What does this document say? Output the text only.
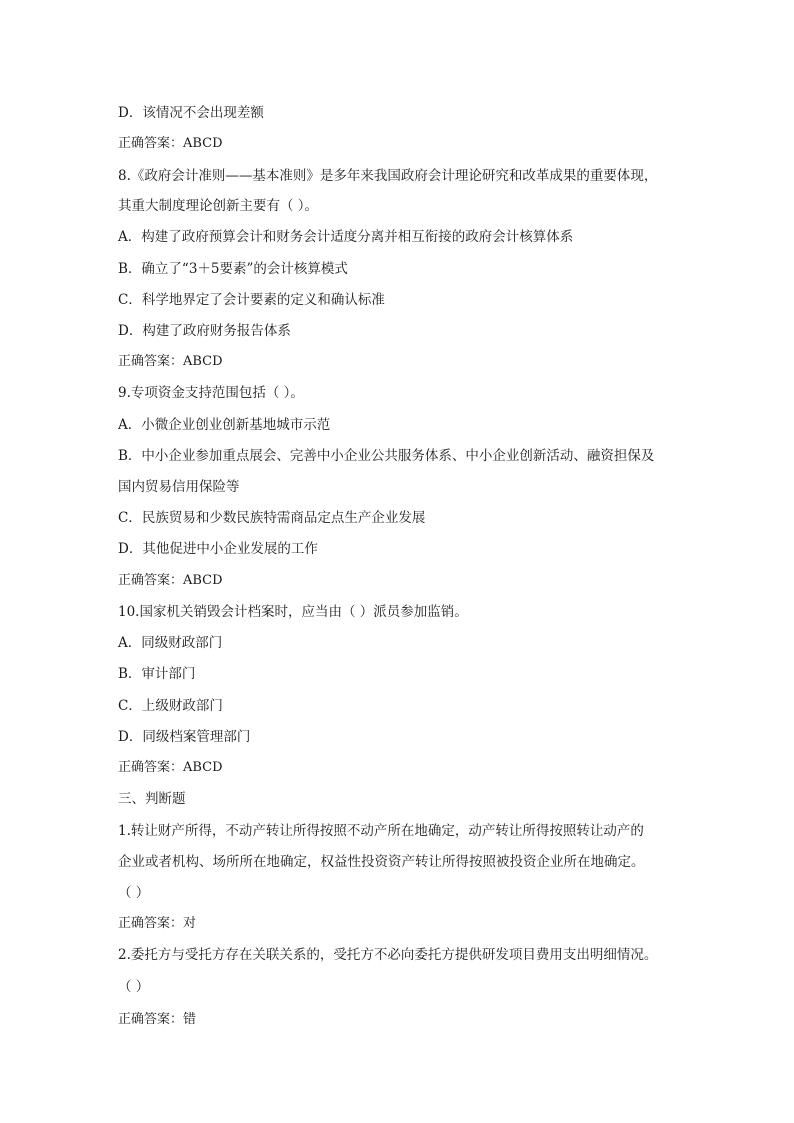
D．该情况不会出现差额
正确答案：ABCD
8.《政府会计准则——基本准则》是多年来我国政府会计理论研究和改革成果的重要体现，
其重大制度理论创新主要有（ ）。
A．构建了政府预算会计和财务会计适度分离并相互衔接的政府会计核算体系
B．确立了“3＋5要素”的会计核算模式
C．科学地界定了会计要素的定义和确认标准
D．构建了政府财务报告体系
正确答案：ABCD
9.专项资金支持范围包括（ ）。
A．小微企业创业创新基地城市示范
B．中小企业参加重点展会、完善中小企业公共服务体系、中小企业创新活动、融资担保及
国内贸易信用保险等
C．民族贸易和少数民族特需商品定点生产企业发展
D．其他促进中小企业发展的工作
正确答案：ABCD
10.国家机关销毁会计档案时，应当由（ ）派员参加监销。
A．同级财政部门
B．审计部门
C．上级财政部门
D．同级档案管理部门
正确答案：ABCD
三、判断题
1.转让财产所得，不动产转让所得按照不动产所在地确定，动产转让所得按照转让动产的
企业或者机构、场所所在地确定，权益性投资资产转让所得按照被投资企业所在地确定。
（ ）
正确答案：对
2.委托方与受托方存在关联关系的，受托方不必向委托方提供研发项目费用支出明细情况。
（ ）
正确答案：错
